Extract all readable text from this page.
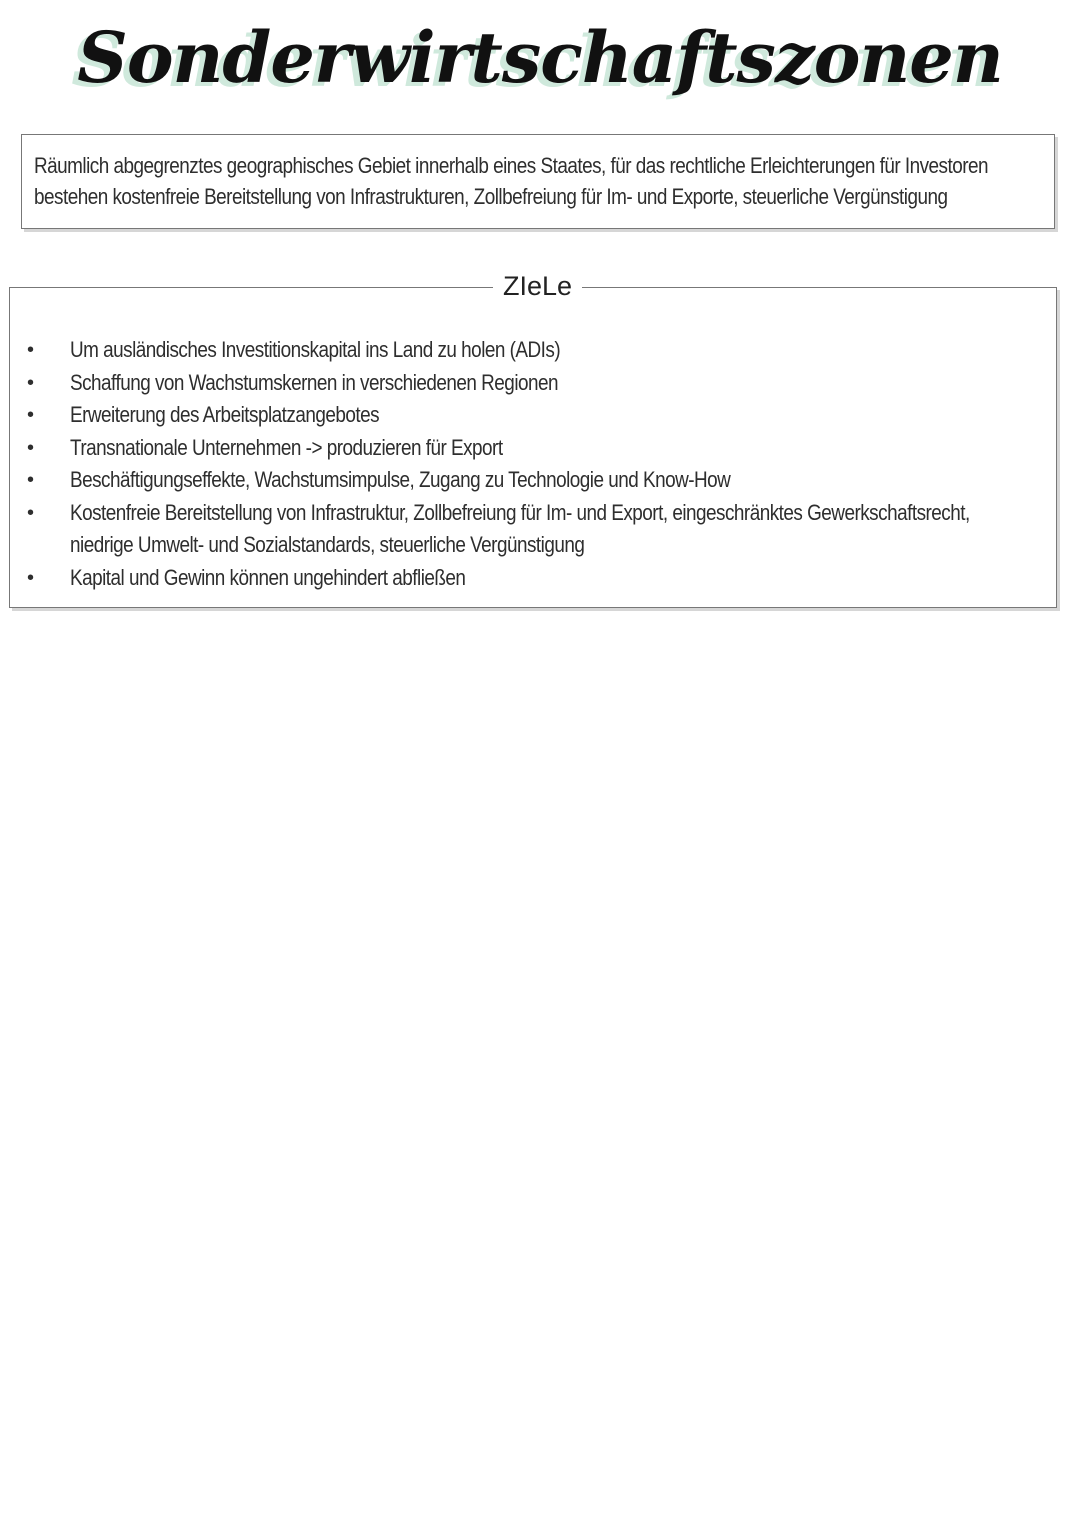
Sonderwirtschaftszonen
Räumlich abgegrenztes geographisches Gebiet innerhalb eines Staates, für das rechtliche Erleichterungen für Investoren
bestehen kostenfreie Bereitstellung von Infrastrukturen, Zollbefreiung für Im- und Exporte, steuerliche Vergünstigung
ZIeLe
• Um ausländisches Investitionskapital ins Land zu holen (ADIs)
• Schaffung von Wachstumskernen in verschiedenen Regionen
• Erweiterung des Arbeitsplatzangebotes
• Transnationale Unternehmen -> produzieren für Export
• Beschäftigungseffekte, Wachstumsimpulse, Zugang zu Technologie und Know-How
• Kostenfreie Bereitstellung von Infrastruktur, Zollbefreiung für Im- und Export, eingeschränktes Gewerkschaftsrecht,
niedrige Umwelt- und Sozialstandards, steuerliche Vergünstigung
• Kapital und Gewinn können ungehindert abfließen
